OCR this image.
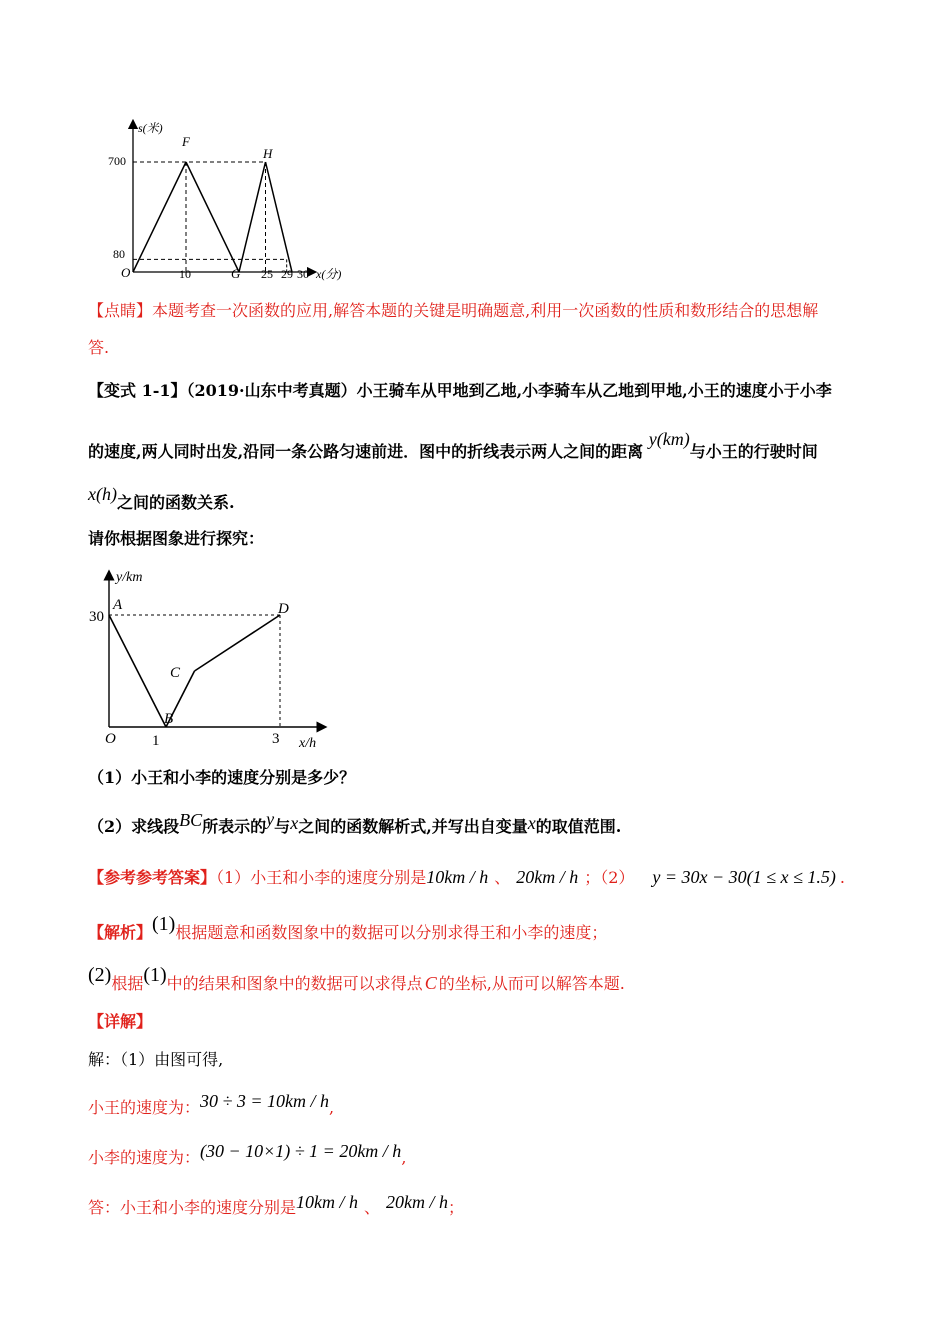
s(米)
x(分)
O
700
80
10	G 25 29 30
F
H
【点睛】本题考查一次函数的应用,解答本题的关键是明确题意,利用一次函数的性质和数形结合的思想解
答.
【变式 1-1】（2019·山东中考真题）小王骑车从甲地到乙地,小李骑车从乙地到甲地,小王的速度小于小李
的速度,两人同时出发,沿同一条公路匀速前进．图中的折线表示两人之间的距离 y(km)与小王的行驶时间
x(h)之间的函数关系.
请你根据图象进行探究：
y/km
x/h
O
30
1	3
A
B
C
D
（1）小王和小李的速度分别是多少？
（2）求线段BC所表示的y与x之间的函数解析式,并写出自变量x的取值范围.
【参考参考答案】（1）小王和小李的速度分别是10km / h 、 20km / h ；（2） y = 30x − 30(1 ≤ x ≤ 1.5) .
【解析】(1)根据题意和函数图象中的数据可以分别求得王和小李的速度；
(2)根据(1)中的结果和图象中的数据可以求得点 C 的坐标,从而可以解答本题.
【详解】
解：（1）由图可得,
小王的速度为：30 ÷ 3 = 10km / h,
小李的速度为：(30 − 10×1) ÷ 1 = 20km / h,
答：小王和小李的速度分别是10km / h 、 20km / h；
